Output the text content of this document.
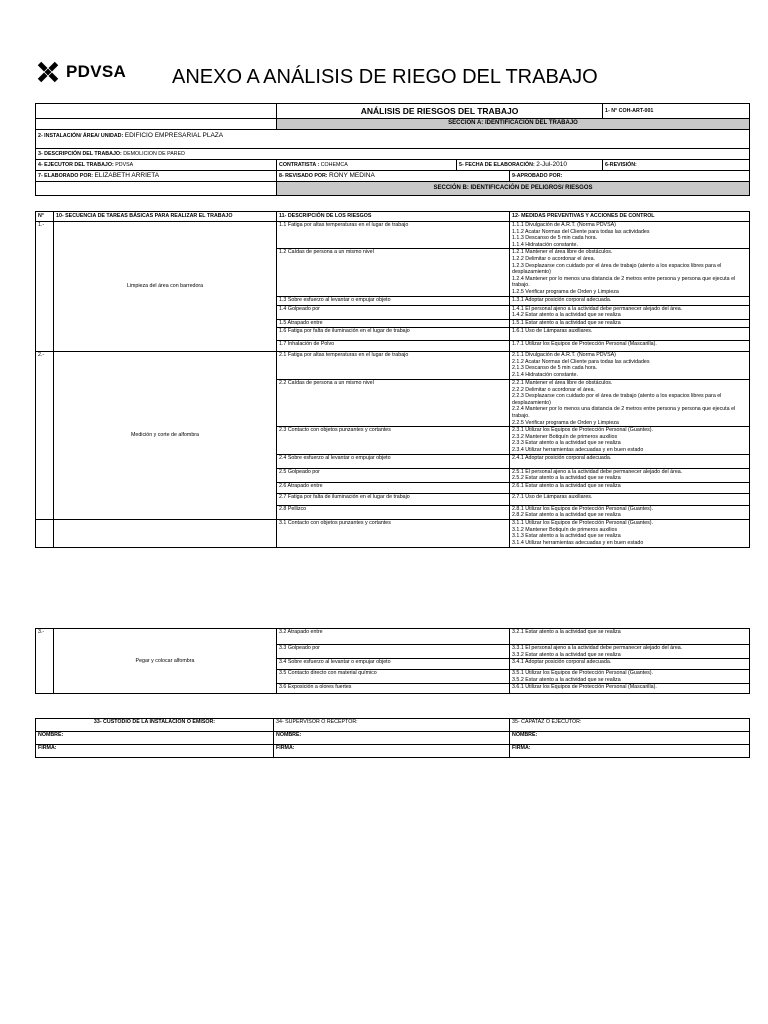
PDVSA ANEXO A ANÁLISIS DE RIEGO DEL TRABAJO
	ANÁLISIS DE RIESGOS DEL TRABAJO			1- N° COH-ART-001
	SECCIÓN A: IDENTIFICACIÓN DEL TRABAJO			
2- INSTALACIÓN/ ÁREA/ UNIDAD: EDIFICIO EMPRESARIAL PLAZA				
3- DESCRIPCIÓN DEL TRABAJO: DEMOLICION DE PARED				
4- EJECUTOR DEL TRABAJO: PDVSA	CONTRATISTA : COHEMCA	5- FECHA DE ELABORACIÓN: 2-Jul-2010		6-REVISIÓN:
7- ELABORADO POR: ELIZABETH ARRIETA	8- REVISADO POR: RONY MEDINA		9-APROBADO POR:	
	SECCIÓN B: IDENTIFICACIÓN DE PELIGROS/ RIESGOS			
N°	10- SECUENCIA DE TAREAS BÁSICAS PARA REALIZAR EL TRABAJO	11- DESCRIPCIÓN DE LOS RIESGOS	12- MEDIDAS PREVENTIVAS Y ACCIONES DE CONTROL
1.-	Limpieza del área con barredora	1.1 Fatiga por altas temperaturas en el lugar de trabajo	1.1.1 Divulgación de A.R.T. (Norma PDVSA)
1.1.2 Acatar Normas del Cliente para todas las actividades
1.1.3 Descanso de 5 min cada hora.
1.1.4 Hidratación constante.
		1.2 Caídas de persona a un mismo nivel	1.2.1 Mantener el área libre de obstáculos.
1.2.2 Delimitar o acordonar el área.
1.2.3 Desplazarse con cuidado por el área de trabajo (atento a los espacios libres para el desplazamiento)
1.2.4 Mantener por lo menos una distancia de 2 metros entre persona y persona que ejecuta el trabajo.
1.2.5 Verificar programa de Orden y Limpieza
		1.3 Sobre esfuerzo al levantar o empujar objeto	1.3.1 Adoptar posición corporal adecuada.
		1.4 Golpeado por	1.4.1 El personal ajeno a la actividad debe permanecer alejado del área.
1.4.2 Estar atento a la actividad que se realiza
		1.5 Atrapado entre	1.5.1 Estar atento a la actividad que se realiza
		1.6 Fatiga por falta de iluminación en el lugar de trabajo	1.6.1 Uso de Lámparas auxiliares.
		1.7 Inhalación de Polvo	1.7.1 Utilizar los Equipos de Protección Personal (Mascarilla).
2.-	Medición y corte de alfombra	2.1 Fatiga por altas temperaturas en el lugar de trabajo	2.1.1 Divulgación de A.R.T. (Norma PDVSA)
2.1.2 Acatar Normas del Cliente para todas las actividades
2.1.3 Descanso de 5 min cada hora.
2.1.4 Hidratación constante.
		2.2 Caídas de persona a un mismo nivel	2.2.1 Mantener el área libre de obstáculos.
2.2.2 Delimitar o acordonar el área.
2.2.3 Desplazarse con cuidado por el área de trabajo (atento a los espacios libres para el desplazamiento)
2.2.4 Mantener por lo menos una distancia de 2 metros entre persona y persona que ejecuta el trabajo.
2.2.5 Verificar programa de Orden y Limpieza
		2.3 Contacto con objetos punzantes y cortantes	2.3.1 Utilizar los Equipos de Protección Personal (Guantes).
2.3.2 Mantener Botiquín de primeros auxilios
2.3.3 Estar atento a la actividad que se realiza
2.3.4 Utilizar herramientas adecuadas y en buen estado
		2.4 Sobre esfuerzo al levantar o empujar objeto	2.4.1 Adoptar posición corporal adecuada.
		2.5 Golpeado por	2.5.1 El personal ajeno a la actividad debe permanecer alejado del área.
2.5.2 Estar atento a la actividad que se realiza
		2.6 Atrapado entre	2.6.1 Estar atento a la actividad que se realiza
		2.7 Fatiga por falta de iluminación en el lugar de trabajo	2.7.1 Uso de Lámparas auxiliares.
		2.8 Pellizco	2.8.1 Utilizar los Equipos de Protección Personal (Guantes).
2.8.2 Estar atento a la actividad que se realiza
		3.1 Contacto con objetos punzantes y cortantes	3.1.1 Utilizar los Equipos de Protección Personal (Guantes).
3.1.2 Mantener Botiquín de primeros auxilios
3.1.3 Estar atento a la actividad que se realiza
3.1.4 Utilizar herramientas adecuadas y en buen estado
3.-	Pegar y colocar alfombra	3.2 Atrapado entre	3.2.1 Estar atento a la actividad que se realiza
		3.3 Golpeado por	3.3.1 El personal ajeno a la actividad debe permanecer alejado del área.
3.3.2 Estar atento a la actividad que se realiza
		3.4 Sobre esfuerzo al levantar o empujar objeto	3.4.1 Adoptar posición corporal adecuada.
		3.5 Contacto directo con material químico	3.5.1 Utilizar los Equipos de Protección Personal (Guantes).
3.5.2 Estar atento a la actividad que se realiza
		3.6 Exposición a olores fuertes	3.6.1 Utilizar los Equipos de Protección Personal (Mascarilla).
33- CUSTODIO DE LA INSTALACIÓN O EMISOR:	34- SUPERVISOR O RECEPTOR:	35- CAPATAZ O EJECUTOR:
NOMBRE:	NOMBRE:	NOMBRE:
FIRMA:	FIRMA:	FIRMA:
